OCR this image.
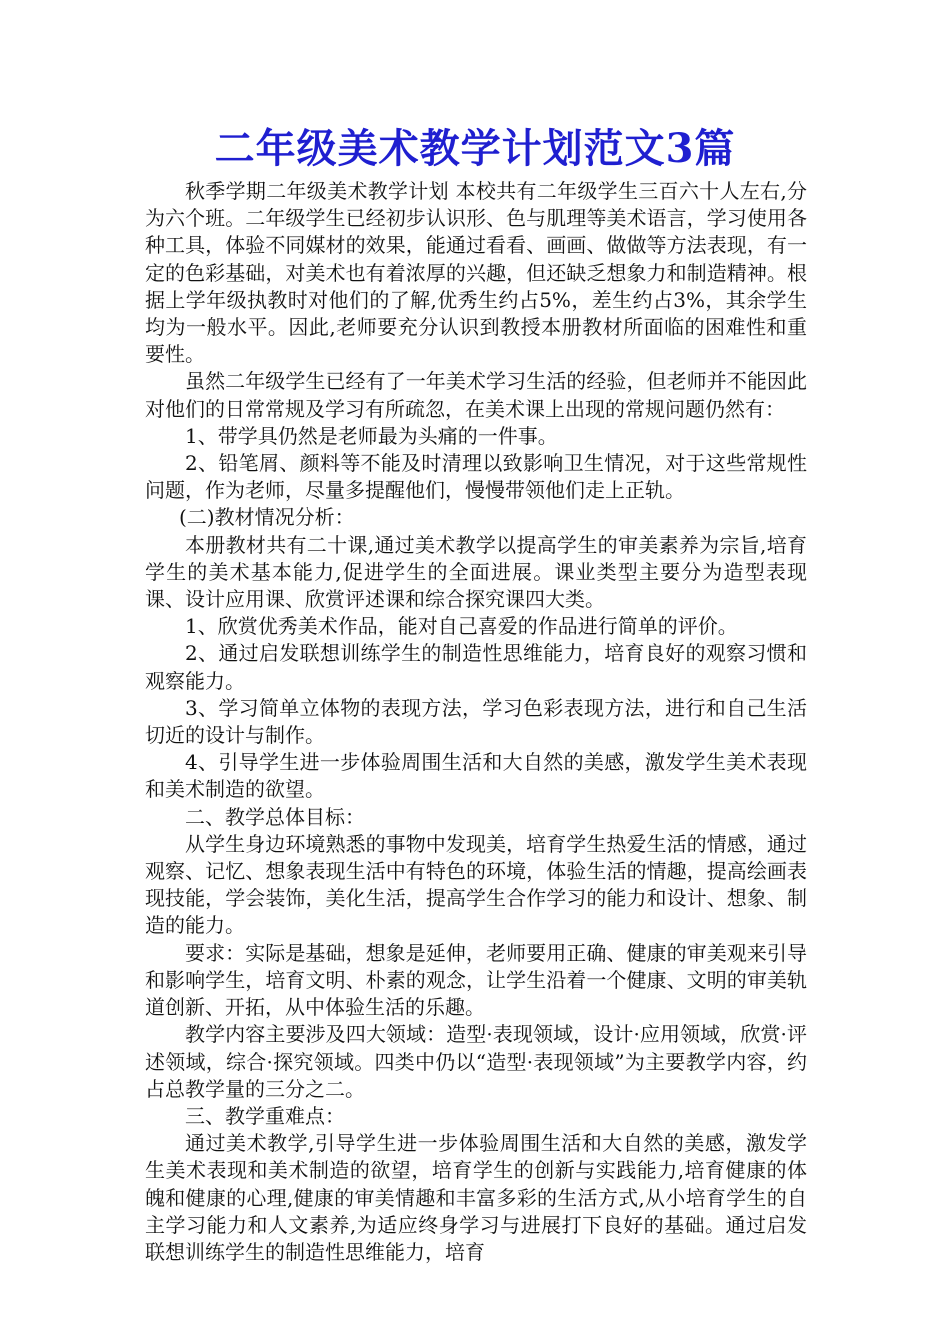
二年级美术教学计划范文3篇

秋季学期二年级美术教学计划 本校共有二年级学生三百六十人左右,分为六个班。二年级学生已经初步认识形、色与肌理等美术语言，学习使用各种工具，体验不同媒材的效果，能通过看看、画画、做做等方法表现，有一定的色彩基础，对美术也有着浓厚的兴趣，但还缺乏想象力和制造精神。根据上学年级执教时对他们的了解,优秀生约占5%，差生约占3%，其余学生均为一般水平。因此,老师要充分认识到教授本册教材所面临的困难性和重要性。

虽然二年级学生已经有了一年美术学习生活的经验，但老师并不能因此对他们的日常常规及学习有所疏忽，在美术课上出现的常规问题仍然有：

1、带学具仍然是老师最为头痛的一件事。

2、铅笔屑、颜料等不能及时清理以致影响卫生情况，对于这些常规性问题，作为老师，尽量多提醒他们，慢慢带领他们走上正轨。

(二)教材情况分析：

本册教材共有二十课,通过美术教学以提高学生的审美素养为宗旨,培育学生的美术基本能力,促进学生的全面进展。课业类型主要分为造型表现课、设计应用课、欣赏评述课和综合探究课四大类。

1、欣赏优秀美术作品，能对自己喜爱的作品进行简单的评价。

2、通过启发联想训练学生的制造性思维能力，培育良好的观察习惯和观察能力。

3、学习简单立体物的表现方法，学习色彩表现方法，进行和自己生活切近的设计与制作。

4、引导学生进一步体验周围生活和大自然的美感，激发学生美术表现和美术制造的欲望。

二、教学总体目标：

从学生身边环境熟悉的事物中发现美，培育学生热爱生活的情感，通过观察、记忆、想象表现生活中有特色的环境，体验生活的情趣，提高绘画表现技能，学会装饰，美化生活，提高学生合作学习的能力和设计、想象、制造的能力。

要求：实际是基础，想象是延伸，老师要用正确、健康的审美观来引导和影响学生，培育文明、朴素的观念，让学生沿着一个健康、文明的审美轨道创新、开拓，从中体验生活的乐趣。

教学内容主要涉及四大领域：造型·表现领域，设计·应用领域，欣赏·评述领域，综合·探究领域。四类中仍以“造型·表现领域”为主要教学内容，约占总教学量的三分之二。

三、教学重难点：

通过美术教学,引导学生进一步体验周围生活和大自然的美感，激发学生美术表现和美术制造的欲望，培育学生的创新与实践能力,培育健康的体魄和健康的心理,健康的审美情趣和丰富多彩的生活方式,从小培育学生的自主学习能力和人文素养,为适应终身学习与进展打下良好的基础。通过启发联想训练学生的制造性思维能力，培育
